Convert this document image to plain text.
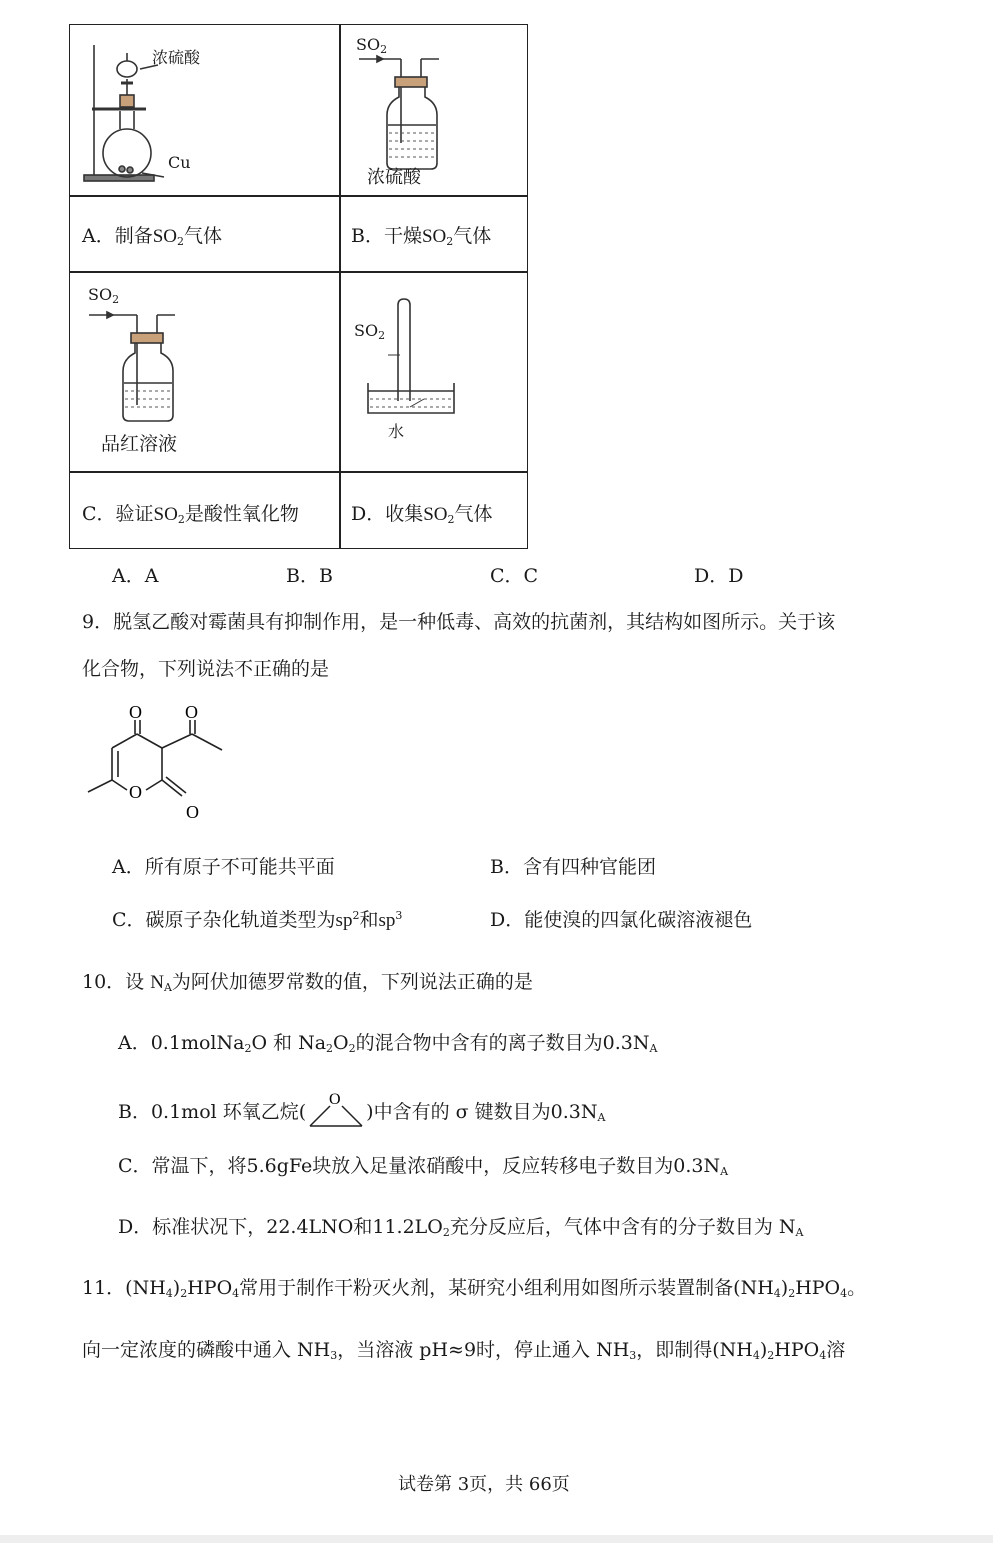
浓硫酸
Cu
$SO_2$
浓硫酸
A．制备$SO_2$气体	B．干燥$SO_2$气体
$SO_2$
品红溶液
$SO_2$
水
C．验证$SO_2$是酸性氧化物	D．收集$SO_2$气体
A．A	B．B	C．C	D．D
9．脱氢乙酸对霉菌具有抑制作用，是一种低毒、高效的抗菌剂，其结构如图所示。关于该
化合物，下列说法不正确的是
O O
O
O
A．所有原子不可能共平面	B．含有四种官能团
C．碳原子杂化轨道类型为$sp^2$和$sp^3$	D．能使溴的四氯化碳溶液褪色
10．设 $N_A$为阿伏加德罗常数的值，下列说法正确的是
A．0.1molNa$_2$O 和 $Na_2O_2$的混合物中含有的离子数目为$0.3N_A$
B．0.1mol 环氧乙烷(
O
)中含有的 σ 键数目为$0.3N_A$
C．常温下，将5.6gFe块放入足量浓硝酸中，反应转移电子数目为$0.3N_A$
D．标准状况下，22.4LNO和$11.2LO_2$充分反应后，气体中含有的分子数目为 $N_A$
11．$(NH_4)_2HPO_4$常用于制作干粉灭火剂，某研究小组利用如图所示装置制备$(NH_4)_2HPO_4$。
向一定浓度的磷酸中通入 $NH_3$，当溶液 pH≈9时，停止通入 $NH_3$，即制得$(NH_4)_2HPO_4$溶
试卷第 3页，共 66页
